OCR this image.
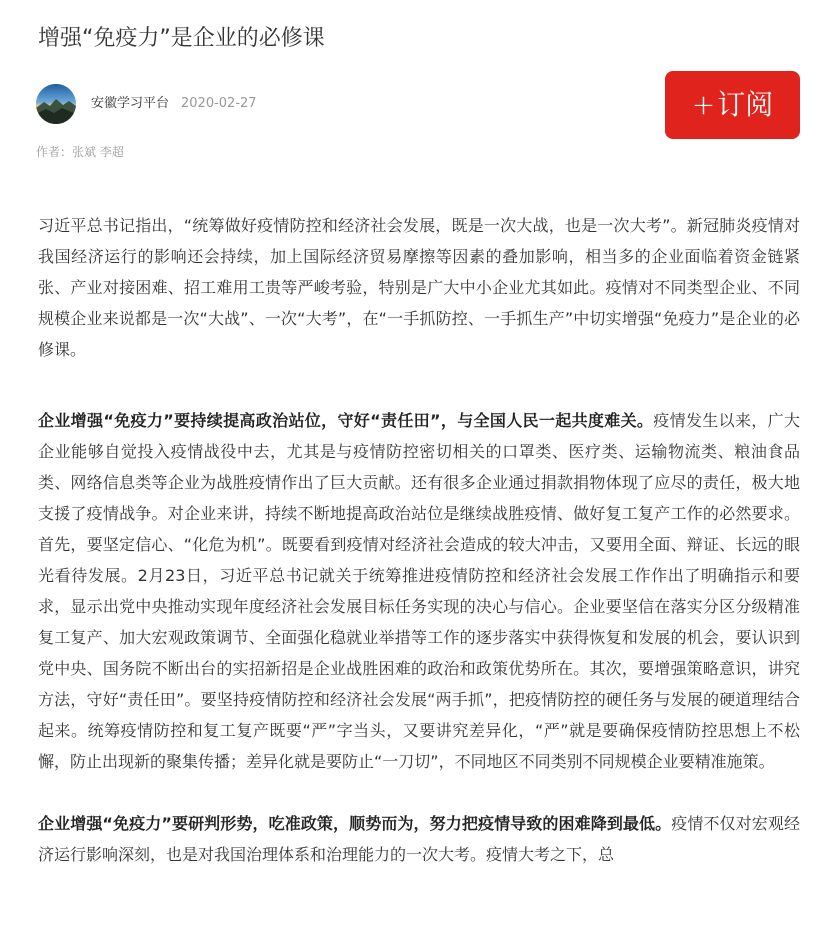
增强“免疫力”是企业的必修课
安徽学习平台 2020-02-27
作者：张斌 李超
+订阅

习近平总书记指出，“统筹做好疫情防控和经济社会发展，既是一次大战，也是一次大考”。新冠肺炎疫情对我国经济运行的影响还会持续，加上国际经济贸易摩擦等因素的叠加影响，相当多的企业面临着资金链紧张、产业对接困难、招工难用工贵等严峻考验，特别是广大中小企业尤其如此。疫情对不同类型企业、不同规模企业来说都是一次“大战”、一次“大考”，在“一手抓防控、一手抓生产”中切实增强“免疫力”是企业的必修课。

企业增强“免疫力”要持续提高政治站位，守好“责任田”，与全国人民一起共度难关。疫情发生以来，广大企业能够自觉投入疫情战役中去，尤其是与疫情防控密切相关的口罩类、医疗类、运输物流类、粮油食品类、网络信息类等企业为战胜疫情作出了巨大贡献。还有很多企业通过捐款捐物体现了应尽的责任，极大地支援了疫情战争。对企业来讲，持续不断地提高政治站位是继续战胜疫情、做好复工复产工作的必然要求。首先，要坚定信心、“化危为机”。既要看到疫情对经济社会造成的较大冲击，又要用全面、辩证、长远的眼光看待发展。2月23日，习近平总书记就关于统筹推进疫情防控和经济社会发展工作作出了明确指示和要求，显示出党中央推动实现年度经济社会发展目标任务实现的决心与信心。企业要坚信在落实分区分级精准复工复产、加大宏观政策调节、全面强化稳就业举措等工作的逐步落实中获得恢复和发展的机会，要认识到党中央、国务院不断出台的实招新招是企业战胜困难的政治和政策优势所在。其次，要增强策略意识，讲究方法，守好“责任田”。要坚持疫情防控和经济社会发展“两手抓”，把疫情防控的硬任务与发展的硬道理结合起来。统筹疫情防控和复工复产既要“严”字当头，又要讲究差异化，“严”就是要确保疫情防控思想上不松懈，防止出现新的聚集传播；差异化就是要防止“一刀切”，不同地区不同类别不同规模企业要精准施策。

企业增强“免疫力”要研判形势，吃准政策，顺势而为，努力把疫情导致的困难降到最低。疫情不仅对宏观经济运行影响深刻，也是对我国治理体系和治理能力的一次大考。疫情大考之下，总
